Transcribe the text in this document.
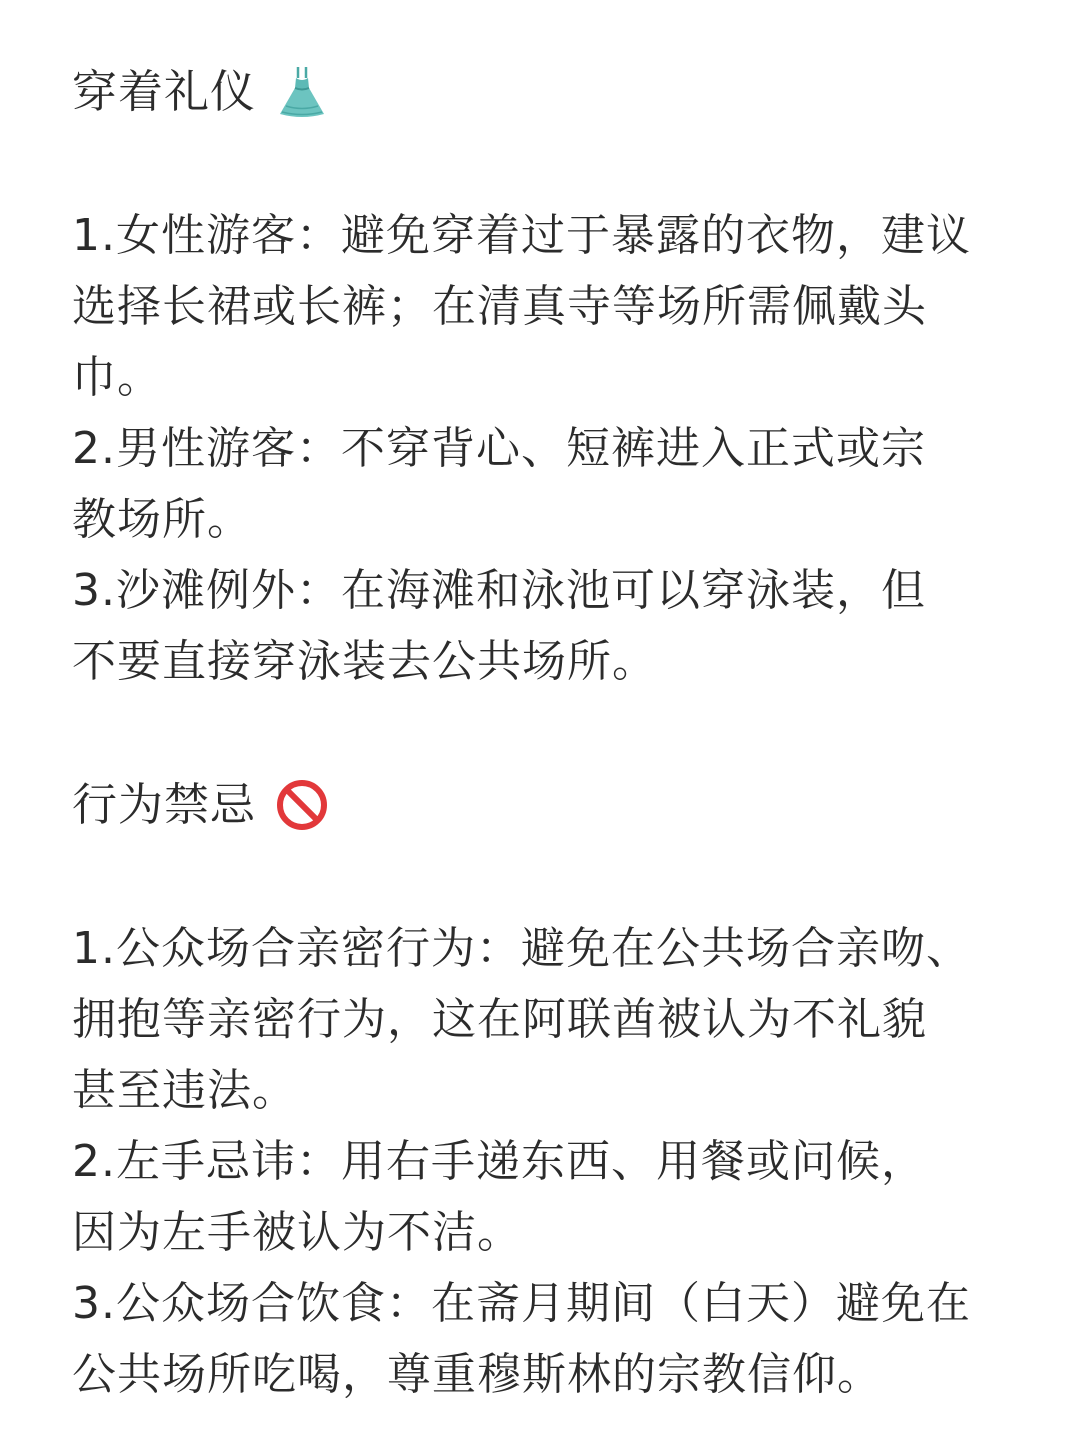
穿着礼仪

1.女性游客：避免穿着过于暴露的衣物，建议
选择长裙或长裤；在清真寺等场所需佩戴头
巾。

2.男性游客：不穿背心、短裤进入正式或宗
教场所。

3.沙滩例外：在海滩和泳池可以穿泳装，但
不要直接穿泳装去公共场所。

行为禁忌

1.公众场合亲密行为：避免在公共场合亲吻、
拥抱等亲密行为，这在阿联酋被认为不礼貌
甚至违法。

2.左手忌讳：用右手递东西、用餐或问候，
因为左手被认为不洁。

3.公众场合饮食：在斋月期间（白天）避免在
公共场所吃喝，尊重穆斯林的宗教信仰。
